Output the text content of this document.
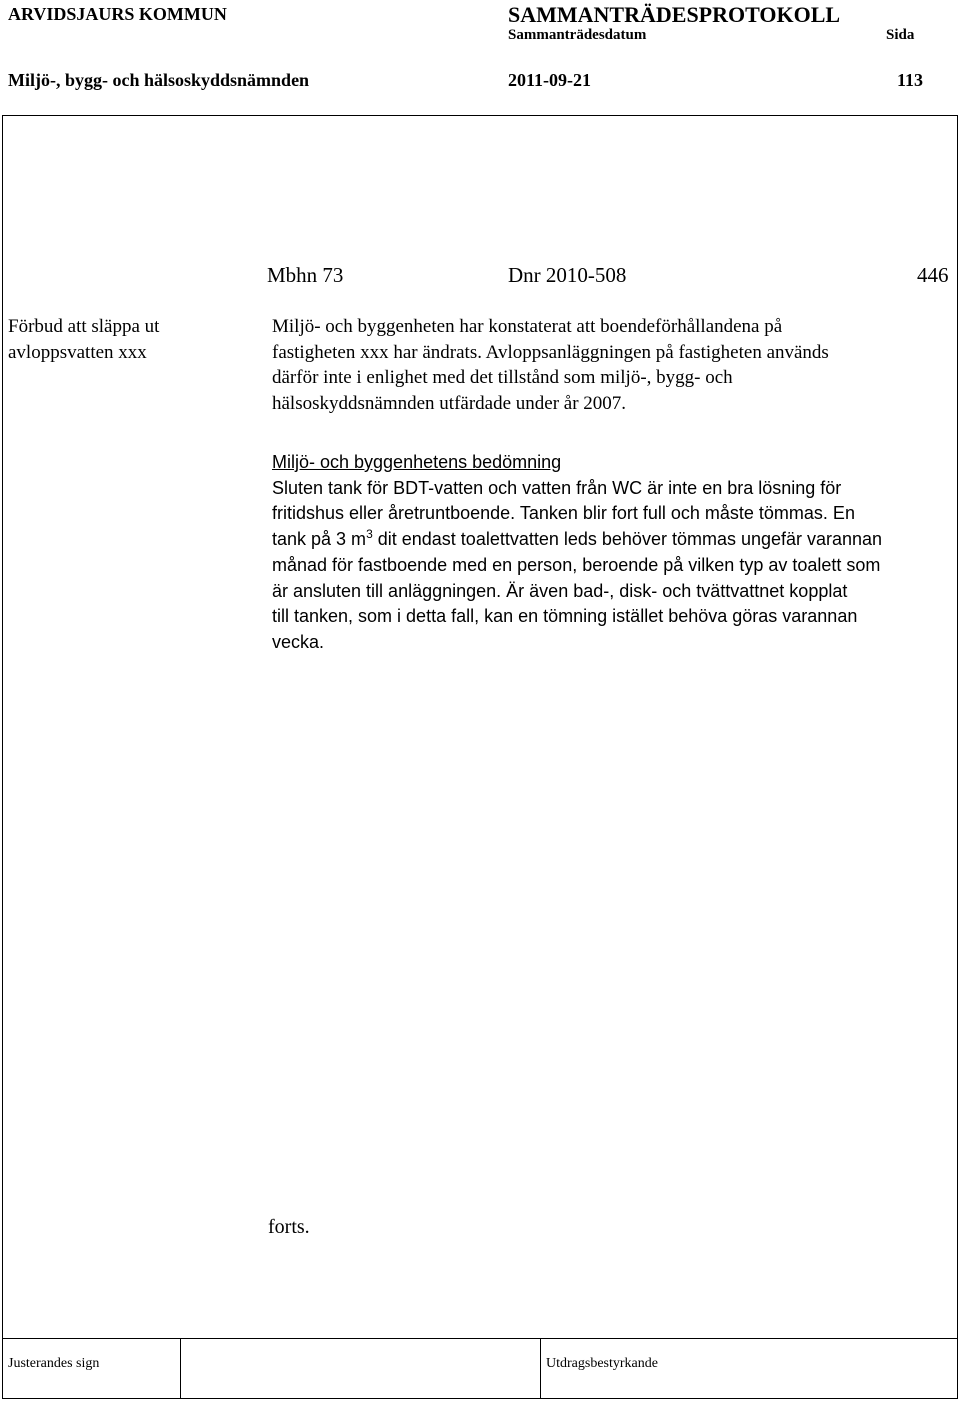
ARVIDSJAURS KOMMUN	SAMMANTRÄDESPROTOKOLL
Sammanträdesdatum	Sida
Miljö-, bygg- och hälsoskyddsnämnden	2011-09-21	113
Mbhn 73	Dnr 2010-508	446
Förbud att släppa ut
avloppsvatten xxx
Miljö- och byggenheten har konstaterat att boendeförhållandena på
fastigheten xxx har ändrats. Avloppsanläggningen på fastigheten används
därför inte i enlighet med det tillstånd som miljö-, bygg- och
hälsoskyddsnämnden utfärdade under år 2007.
Miljö- och byggenhetens bedömning
Sluten tank för BDT-vatten och vatten från WC är inte en bra lösning för
fritidshus eller åretruntboende. Tanken blir fort full och måste tömmas. En
tank på 3 $m^3$ dit endast toalettvatten leds behöver tömmas ungefär varannan
månad för fastboende med en person, beroende på vilken typ av toalett som
är ansluten till anläggningen. Är även bad-, disk- och tvättvattnet kopplat
till tanken, som i detta fall, kan en tömning istället behöva göras varannan
vecka.
forts.
Justerandes sign	Utdragsbestyrkande
